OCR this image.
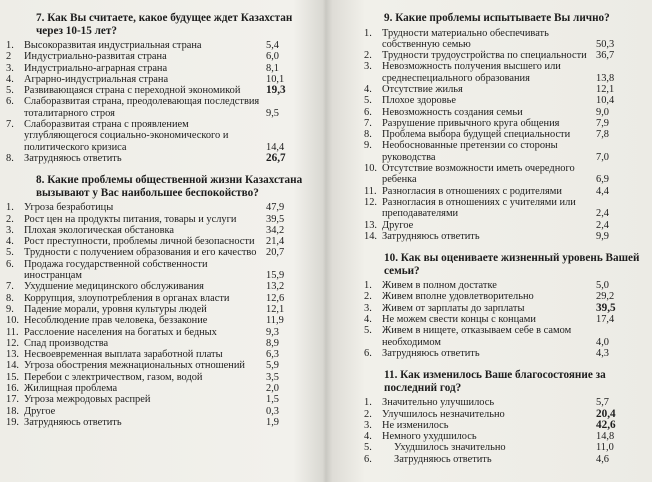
7. Как Вы считаете, какое будущее ждет Казахстан через 10-15 лет?
1. Высокоразвитая индустриальная страна	5,4
2	Индустриально-развитая страна	6,0
3. Индустриально-аграрная страна	8,1
4. Аграрно-индустриальная страна	10,1
5. Развивающаяся страна с переходной экономикой	19,3
6. Слаборазвитая страна, преодолевающая последствия тоталитарного строя	9,5
7. Слаборазвитая страна с проявлением углубляющегося социально-экономического и политического кризиса	14,4
8. Затрудняюсь ответить	26,7
8. Какие проблемы общественной жизни Казахстана вызывают у Вас наибольшее беспокойство?
1. Угроза безработицы	47,9
2. Рост цен на продукты питания, товары и услуги	39,5
3. Плохая экологическая обстановка	34,2
4. Рост преступности, проблемы личной безопасности	21,4
5. Трудности с получением образования и его качество 20,7
6. Продажа государственной собственности иностранцам	15,9
7. Ухудшение медицинского обслуживания	13,2
8. Коррупция, злоупотребления в органах власти	12,6
9. Падение морали, уровня культуры людей	12,1
10. Несоблюдение прав человека, беззаконие	11,9
11. Расслоение населения на богатых и бедных	9,3
12. Спад производства	8,9
13. Несвоевременная выплата заработной платы	6,3
14. Угроза обострения межнациональных отношений	5,9
15. Перебои с электричеством, газом, водой	3,5
16. Жилищная проблема	2,0
17. Угроза межродовых распрей	1,5
18. Другое	0,3
19. Затрудняюсь ответить	1,9
9. Какие проблемы испытываете Вы лично?
1. Трудности материально обеспечивать собственную семью	50,3
2. Трудности трудоустройства по специальности 36,7
3. Невозможность получения высшего или среднеспециального образования	13,8
4. Отсутствие жилья	12,1
5. Плохое здоровье	10,4
6. Невозможность создания семьи	9,0
7. Разрушение привычного круга общения	7,9
8. Проблема выбора будущей специальности	7,8
9. Необоснованные претензии со стороны руководства	7,0
10. Отсутствие возможности иметь очередного ребенка	6,9
11. Разногласия в отношениях с родителями	4,4
12. Разногласия в отношениях с учителями или преподавателями	2,4
13. Другое	2,4
14. Затрудняюсь ответить	9,9
10. Как вы оцениваете жизненный уровень Вашей семьи?
1. Живем в полном достатке	5,0
2. Живем вполне удовлетворительно	29,2
3. Живем от зарплаты до зарплаты	39,5
4. Не можем свести концы с концами	17,4
5. Живем в нищете, отказываем себе в самом необходимом	4,0
6. Затрудняюсь ответить	4,3
11. Как изменилось Ваше благосостояние за последний год?
1. Значительно улучшилось	5,7
2. Улучшилось незначительно	20,4
3. Не изменилось	42,6
4. Немного ухудшилось	14,8
5.	Ухудшилось значительно	11,0
6.	Затрудняюсь ответить	4,6
